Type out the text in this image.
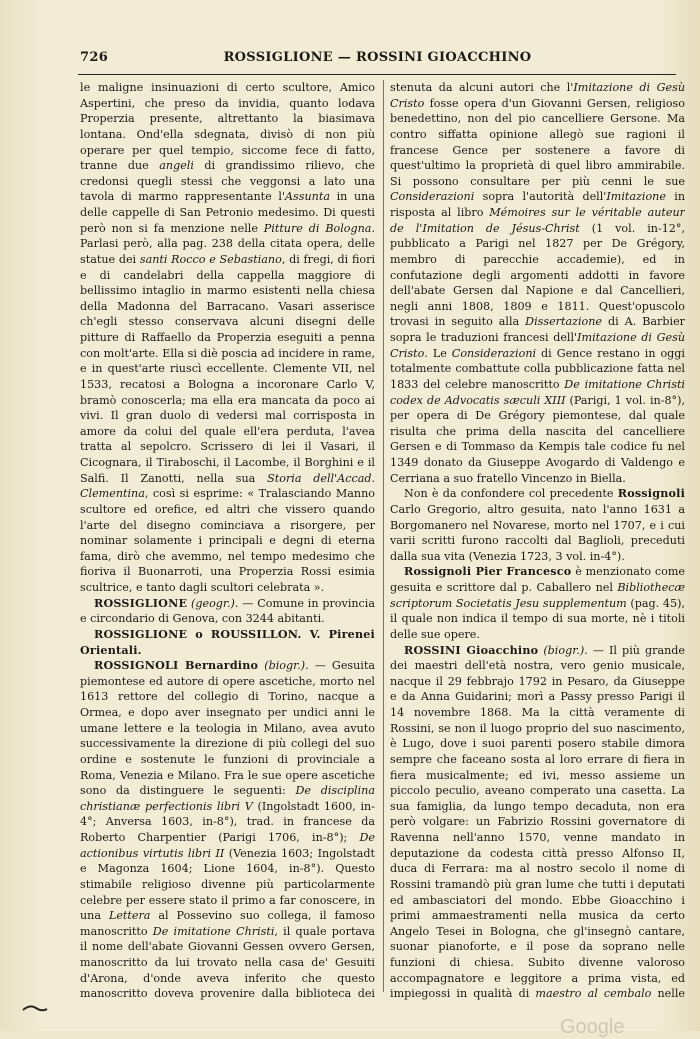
726	ROSSIGLIONE — ROSSINI GIOACCHINO

le maligne insinuazioni di certo scultore, Amico Aspertini, che preso da invidia, quanto lodava Properzia presente, altrettanto la biasimava lontana. Ond'ella sdegnata, divisò di non più operare per quel tempio, siccome fece di fatto, tranne due angeli di grandissimo rilievo, che credonsi quegli stessi che veggonsi a lato una tavola di marmo rappresentante l'Assunta in una delle cappelle di San Petronio medesimo. Di questi però non si fa menzione nelle Pitture di Bologna. Parlasi però, alla pag. 238 della citata opera, delle statue dei santi Rocco e Sebastiano, di fregi, di fiori e di candelabri della cappella maggiore di bellissimo intaglio in marmo esistenti nella chiesa della Madonna del Barracano. Vasari asserisce ch'egli stesso conservava alcuni disegni delle pitture di Raffaello da Properzia eseguiti a penna con molt'arte. Ella si diè poscia ad incidere in rame, e in quest'arte riuscì eccellente. Clemente VII, nel 1533, recatosi a Bologna a incoronare Carlo V, bramò conoscerla; ma ella era mancata da poco ai vivi. Il gran duolo di vedersi mal corrisposta in amore da colui del quale ell'era perduta, l'avea tratta al sepolcro. Scrissero di lei il Vasari, il Cicognara, il Tiraboschi, il Lacombe, il Borghini e il Salfi. Il Zanotti, nella sua Storia dell'Accad. Clementina, così si esprime: « Tralasciando Manno scultore ed orefice, ed altri che vissero quando l'arte del disegno cominciava a risorgere, per nominar solamente i principali e degni di eterna fama, dirò che avemmo, nel tempo medesimo che fioriva il Buonarroti, una Properzia Rossi esimia scultrice, e tanto dagli scultori celebrata ».

ROSSIGLIONE (geogr.). — Comune in provincia e circondario di Genova, con 3244 abitanti.

ROSSIGLIONE o ROUSSILLON. V. Pirenei Orientali.

ROSSIGNOLI Bernardino (biogr.). — Gesuita piemontese ed autore di opere ascetiche, morto nel 1613 rettore del collegio di Torino, nacque a Ormea, e dopo aver insegnato per undici anni le umane lettere e la teologia in Milano, avea avuto successivamente la direzione di più collegi del suo ordine e sostenute le funzioni di provinciale a Roma, Venezia e Milano. Fra le sue opere ascetiche sono da distinguere le seguenti: De disciplina christianæ perfectionis libri V (Ingolstadt 1600, in-4°; Anversa 1603, in-8°), trad. in francese da Roberto Charpentier (Parigi 1706, in-8°); De actionibus virtutis libri II (Venezia 1603; Ingolstadt e Magonza 1604; Lione 1604, in-8°). Questo stimabile religioso divenne più particolarmente celebre per essere stato il primo a far conoscere, in una Lettera al Possevino suo collega, il famoso manoscritto De imitatione Christi, il quale portava il nome dell'abate Giovanni Gessen ovvero Gersen, manoscritto da lui trovato nella casa de' Gesuiti d'Arona, d'onde aveva inferito che questo manoscritto doveva provenire dalla biblioteca dei

stenuta da alcuni autori che l'Imitazione di Gesù Cristo fosse opera d'un Giovanni Gersen, religioso benedettino, non del pio cancelliere Gersone. Ma contro siffatta opinione allegò sue ragioni il francese Gence per sostenere a favore di quest'ultimo la proprietà di quel libro ammirabile. Si possono consultare per più cenni le sue Considerazioni sopra l'autorità dell'Imitazione in risposta al libro Mémoires sur le véritable auteur de l'Imitation de Jésus-Christ (1 vol. in-12°, pubblicato a Parigi nel 1827 per De Grégory, membro di parecchie accademie), ed in confutazione degli argomenti addotti in favore dell'abate Gersen dal Napione e dal Cancellieri, negli anni 1808, 1809 e 1811. Quest'opuscolo trovasi in seguito alla Dissertazione di A. Barbier sopra le traduzioni francesi dell'Imitazione di Gesù Cristo. Le Considerazioni di Gence restano in oggi totalmente combattute colla pubblicazione fatta nel 1833 del celebre manoscritto De imitatione Christi codex de Advocatis sæculi XIII (Parigi, 1 vol. in-8°), per opera di De Grégory piemontese, dal quale risulta che prima della nascita del cancelliere Gersen e di Tommaso da Kempis tale codice fu nel 1349 donato da Giuseppe Avogardo di Valdengo e Cerriana a suo fratello Vincenzo in Biella.

Non è da confondere col precedente Rossignoli Carlo Gregorio, altro gesuita, nato l'anno 1631 a Borgomanero nel Novarese, morto nel 1707, e i cui varii scritti furono raccolti dal Baglioli, preceduti dalla sua vita (Venezia 1723, 3 vol. in-4°).

Rossignoli Pier Francesco è menzionato come gesuita e scrittore dal p. Caballero nel Bibliothecæ scriptorum Societatis Jesu supplementum (pag. 45), il quale non indica il tempo di sua morte, nè i titoli delle sue opere.

ROSSINI Gioacchino (biogr.). — Il più grande dei maestri dell'età nostra, vero genio musicale, nacque il 29 febbrajo 1792 in Pesaro, da Giuseppe e da Anna Guidarini; morì a Passy presso Parigi il 14 novembre 1868. Ma la città veramente di Rossini, se non il luogo proprio del suo nascimento, è Lugo, dove i suoi parenti posero stabile dimora sempre che faceano sosta al loro errare di fiera in fiera musicalmente; ed ivi, messo assieme un piccolo peculio, aveano comperato una casetta. La sua famiglia, da lungo tempo decaduta, non era però volgare: un Fabrizio Rossini governatore di Ravenna nell'anno 1570, venne mandato in deputazione da codesta città presso Alfonso II, duca di Ferrara: ma al nostro secolo il nome di Rossini tramandò più gran lume che tutti i deputati ed ambasciatori del mondo. Ebbe Gioacchino i primi ammaestramenti nella musica da certo Angelo Tesei in Bologna, che gl'insegnò cantare, suonar pianoforte, e il pose da soprano nelle funzioni di chiesa. Subito divenne valoroso accompagnatore e leggitore a prima vista, ed impiegossi in qualità di maestro al cembalo nelle

Google
